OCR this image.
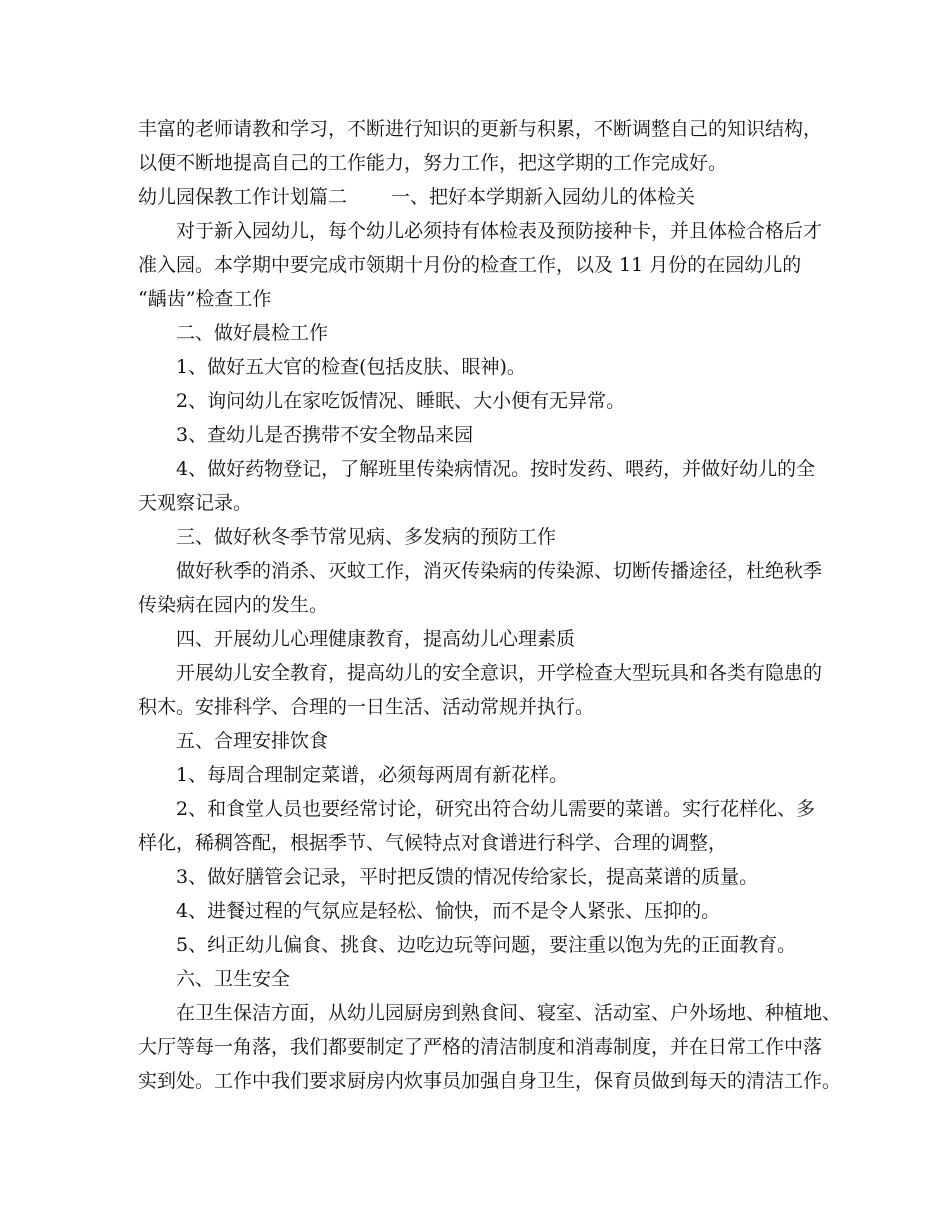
丰富的老师请教和学习，不断进行知识的更新与积累，不断调整自己的知识结构，
以便不断地提高自己的工作能力，努力工作，把这学期的工作完成好。
幼儿园保教工作计划篇二 一、把好本学期新入园幼儿的体检关
对于新入园幼儿，每个幼儿必须持有体检表及预防接种卡，并且体检合格后才
准入园。本学期中要完成市领期十月份的检查工作，以及 11 月份的在园幼儿的
“龋齿”检查工作
二、做好晨检工作
1、做好五大官的检查(包括皮肤、眼神)。
2、询问幼儿在家吃饭情况、睡眠、大小便有无异常。
3、查幼儿是否携带不安全物品来园
4、做好药物登记，了解班里传染病情况。按时发药、喂药，并做好幼儿的全
天观察记录。
三、做好秋冬季节常见病、多发病的预防工作
做好秋季的消杀、灭蚊工作，消灭传染病的传染源、切断传播途径，杜绝秋季
传染病在园内的发生。
四、开展幼儿心理健康教育，提高幼儿心理素质
开展幼儿安全教育，提高幼儿的安全意识，开学检查大型玩具和各类有隐患的
积木。安排科学、合理的一日生活、活动常规并执行。
五、合理安排饮食
1、每周合理制定菜谱，必须每两周有新花样。
2、和食堂人员也要经常讨论，研究出符合幼儿需要的菜谱。实行花样化、多
样化，稀稠答配，根据季节、气候特点对食谱进行科学、合理的调整，
3、做好膳管会记录，平时把反馈的情况传给家长，提高菜谱的质量。
4、进餐过程的气氛应是轻松、愉快，而不是令人紧张、压抑的。
5、纠正幼儿偏食、挑食、边吃边玩等问题，要注重以饱为先的正面教育。
六、卫生安全
在卫生保洁方面，从幼儿园厨房到熟食间、寝室、活动室、户外场地、种植地、
大厅等每一角落，我们都要制定了严格的清洁制度和消毒制度，并在日常工作中落
实到处。工作中我们要求厨房内炊事员加强自身卫生，保育员做到每天的清洁工作。
